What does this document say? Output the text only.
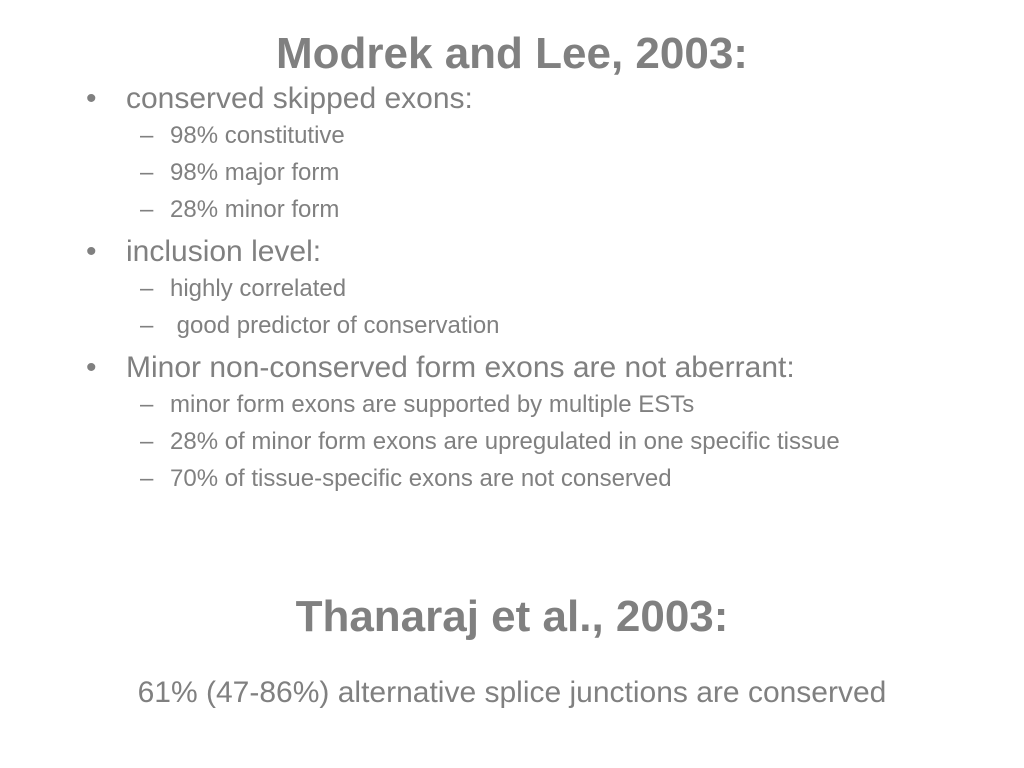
Modrek and Lee, 2003:
• conserved skipped exons:
– 98% constitutive
– 98% major form
– 28% minor form
• inclusion level:
– highly correlated
– good predictor of conservation
• Minor non-conserved form exons are not aberrant:
– minor form exons are supported by multiple ESTs
– 28% of minor form exons are upregulated in one specific tissue
– 70% of tissue-specific exons are not conserved
Thanaraj et al., 2003:

61% (47-86%) alternative splice junctions are conserved
